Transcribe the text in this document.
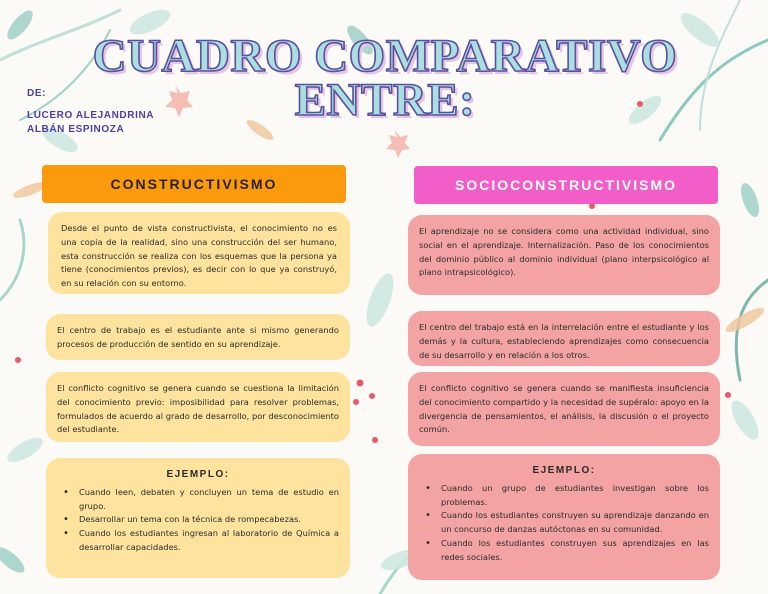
CUADRO COMPARATIVO ENTRE:
DE:
LUCERO ALEJANDRINA
ALBÁN ESPINOZA
CONSTRUCTIVISMO	SOCIOCONSTRUCTIVISMO
Desde el punto de vista constructivista, el conocimiento no es una copia de la realidad, sino una construcción del ser humano, esta construcción se realiza con los esquemas que la persona ya tiene (conocimientos previos), es decir con lo que ya construyó, en su relación con su entorno.
El centro de trabajo es el estudiante ante si mismo generando procesos de producción de sentido en su aprendizaje.
El conflicto cognitivo se genera cuando se cuestiona la limitación del conocimiento previo: imposibilidad para resolver problemas, formulados de acuerdo al grado de desarrollo, por desconocimiento del estudiante.
EJEMPLO:
• Cuando leen, debaten y concluyen un tema de estudio en grupo.
• Desarrollar un tema con la técnica de rompecabezas.
• Cuando los estudiantes ingresan al laboratorio de Química a desarrollar capacidades.
El aprendizaje no se considera como una actividad individual, sino social en el aprendizaje. Internalización. Paso de los conocimientos del dominio público al dominio individual (plano interpsicológico al plano intrapsicológico).
El centro del trabajo está en la interrelación entre el estudiante y los demás y la cultura, estableciendo aprendizajes como consecuencia de su desarrollo y en relación a los otros.
El conflicto cognitivo se genera cuando se manifiesta insuficiencia del conocimiento compartido y la necesidad de supéralo: apoyo en la divergencia de pensamientos, el análisis, la discusión o el proyecto común.
EJEMPLO:
• Cuando un grupo de estudiantes investigan sobre los problemas.
• Cuando los estudiantes construyen su aprendizaje danzando en un concurso de danzas autóctonas en su comunidad.
• Cuando los estudiantes construyen sus aprendizajes en las redes sociales.
